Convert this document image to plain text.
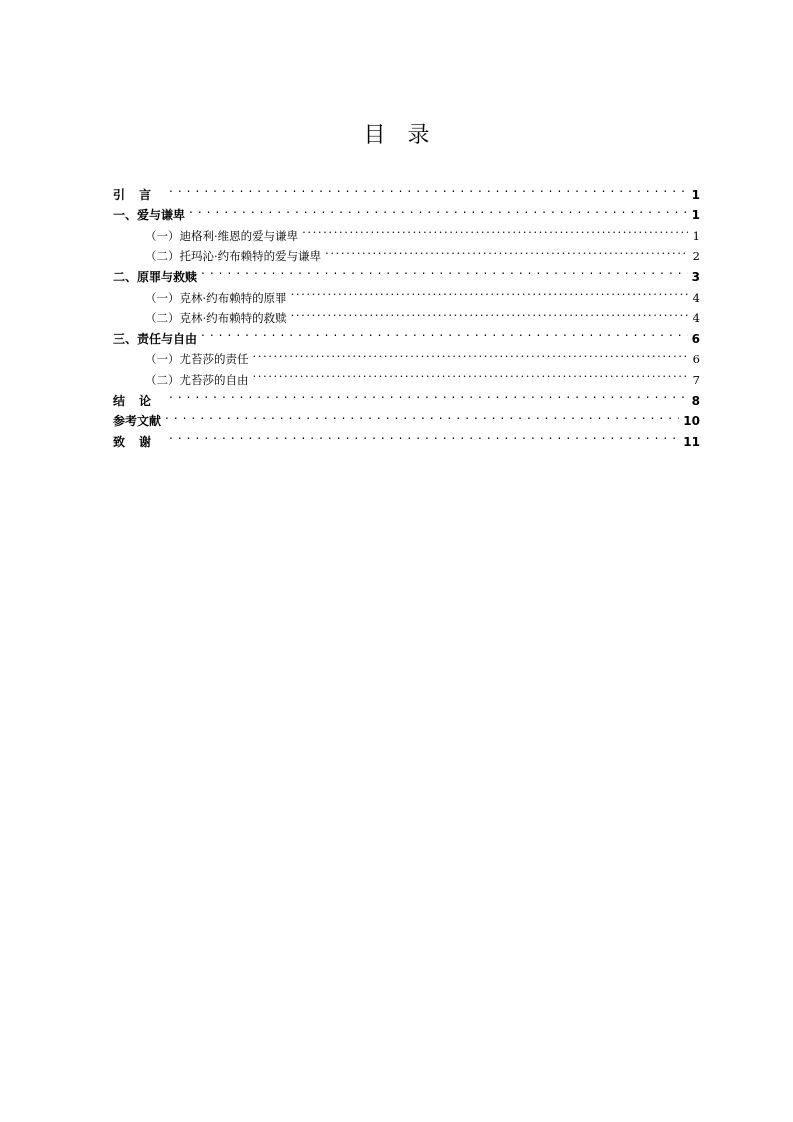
目录
引言 . . .	1
一、爱与谦卑 . . .	1
（一）迪格利·维恩的爱与谦卑 .....	1
（二）托玛沁·约布赖特的爱与谦卑 .....	2
二、原罪与救赎 . . .	3
（一）克林·约布赖特的原罪 .....	4
（二）克林·约布赖特的救赎 .....	4
三、责任与自由 . . .	6
（一）尤苔莎的责任 .....	6
（二）尤苔莎的自由 .....	7
结论 . . .	8
参考文献 . . .	10
致谢 . . .	11
